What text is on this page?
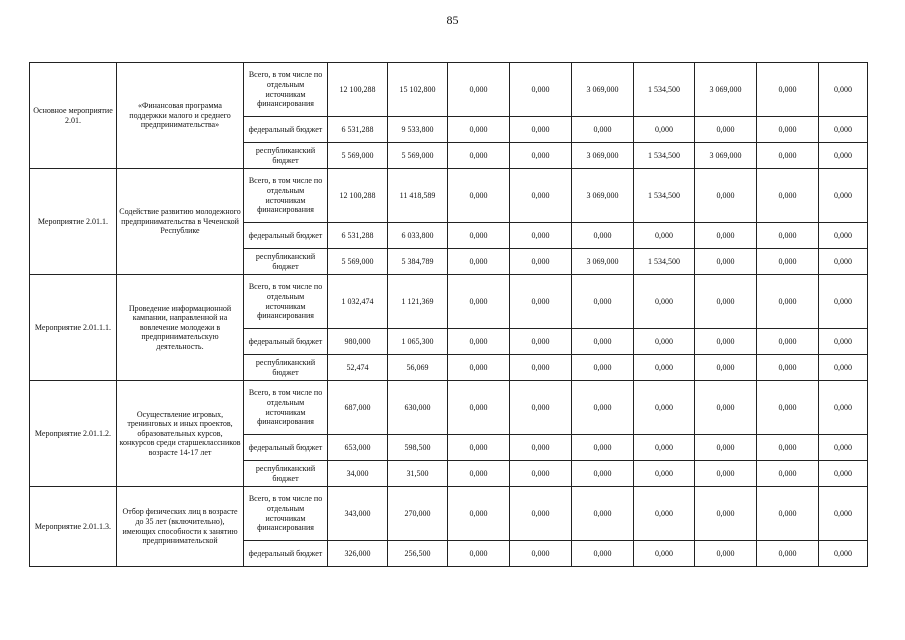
85
Основное мероприятие 2.01.	«Финансовая программа поддержки малого и среднего предпринимательства»	Всего, в том числе по отдельным источникам финансирования	12 100,288	15 102,800	0,000	0,000	3 069,000	1 534,500	3 069,000	0,000	0,000
		федеральный бюджет	6 531,288	9 533,800	0,000	0,000	0,000	0,000	0,000	0,000	0,000
		республиканский бюджет	5 569,000	5 569,000	0,000	0,000	3 069,000	1 534,500	3 069,000	0,000	0,000
Мероприятие 2.01.1.	Содействие развитию молодежного предпринимательства в Чеченской Республике	Всего, в том числе по отдельным источникам финансирования	12 100,288	11 418,589	0,000	0,000	3 069,000	1 534,500	0,000	0,000	0,000
		федеральный бюджет	6 531,288	6 033,800	0,000	0,000	0,000	0,000	0,000	0,000	0,000
		республиканский бюджет	5 569,000	5 384,789	0,000	0,000	3 069,000	1 534,500	0,000	0,000	0,000
Мероприятие 2.01.1.1.	Проведение информационной кампании, направленной на вовлечение молодежи в предпринимательскую деятельность.	Всего, в том числе по отдельным источникам финансирования	1 032,474	1 121,369	0,000	0,000	0,000	0,000	0,000	0,000	0,000
		федеральный бюджет	980,000	1 065,300	0,000	0,000	0,000	0,000	0,000	0,000	0,000
		республиканский бюджет	52,474	56,069	0,000	0,000	0,000	0,000	0,000	0,000	0,000
Мероприятие 2.01.1.2.	Осуществление игровых, тренинговых и иных проектов, образовательных курсов, конкурсов среди старшеклассников возрасте 14-17 лет	Всего, в том числе по отдельным источникам финансирования	687,000	630,000	0,000	0,000	0,000	0,000	0,000	0,000	0,000
		федеральный бюджет	653,000	598,500	0,000	0,000	0,000	0,000	0,000	0,000	0,000
		республиканский бюджет	34,000	31,500	0,000	0,000	0,000	0,000	0,000	0,000	0,000
Мероприятие 2.01.1.3.	Отбор физических лиц в возрасте до 35 лет (включительно), имеющих способности к занятию предпринимательской	Всего, в том числе по отдельным источникам финансирования	343,000	270,000	0,000	0,000	0,000	0,000	0,000	0,000	0,000
		федеральный бюджет	326,000	256,500	0,000	0,000	0,000	0,000	0,000	0,000	0,000
